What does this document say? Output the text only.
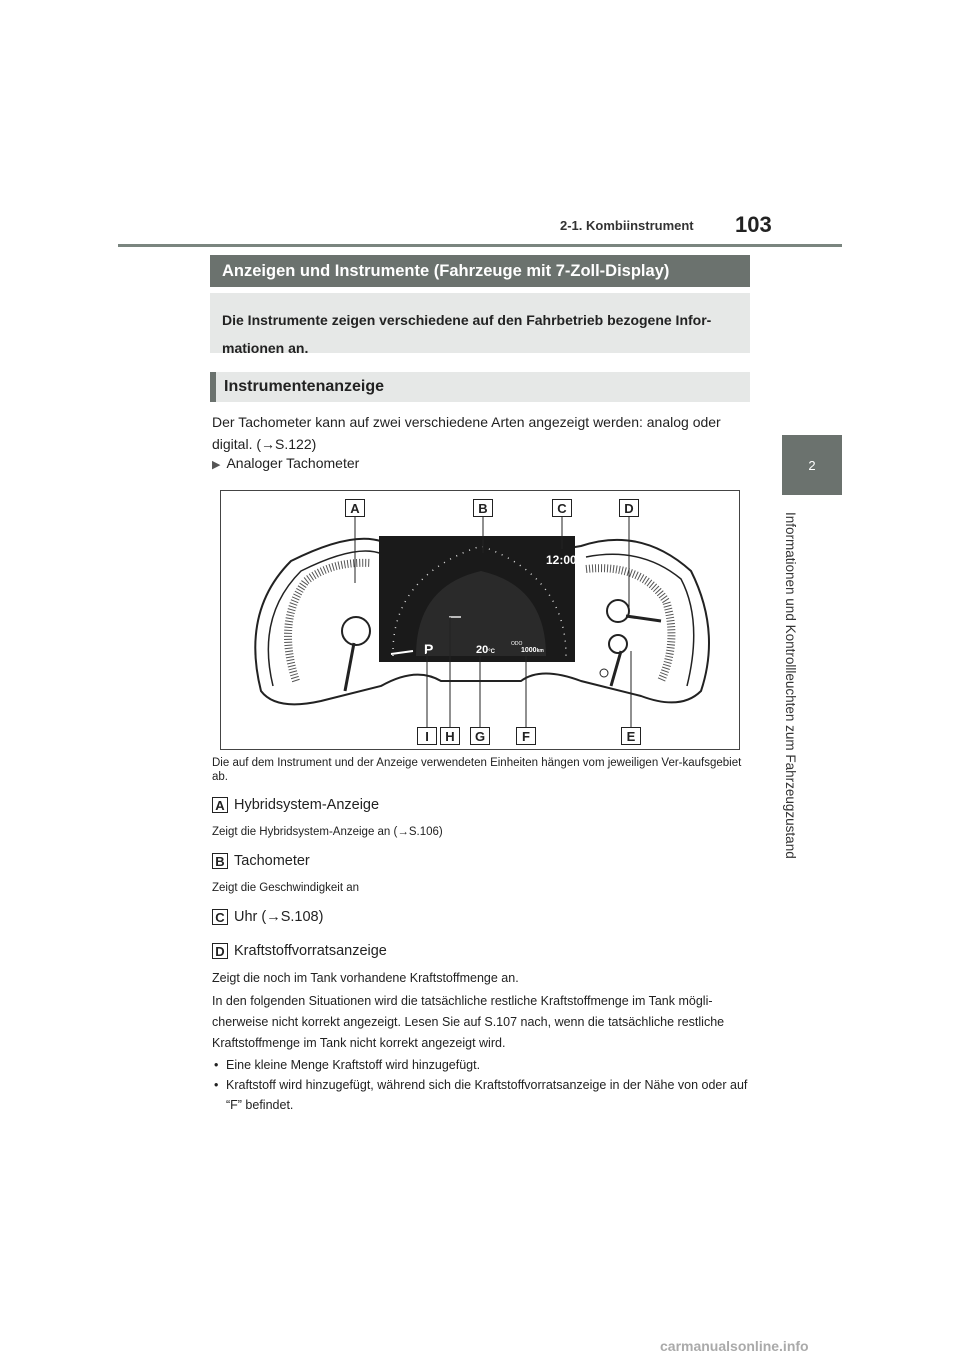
2-1. Kombiinstrument 103
2
Informationen und Kontrollleuchten zum Fahrzeugzustand
Anzeigen und Instrumente (Fahrzeuge mit 7-Zoll-Display)
Die Instrumente zeigen verschiedene auf den Fahrbetrieb bezogene Infor-mationen an.
Instrumentenanzeige
Der Tachometer kann auf zwei verschiedene Arten angezeigt werden: analog oder digital. (→S.122)
▶ Analoger Tachometer
12:00
P	20°C
ODO
1000km
A	B	C	D
I	H	G	F	E
Die auf dem Instrument und der Anzeige verwendeten Einheiten hängen vom jeweiligen Ver-kaufsgebiet ab.
A Hybridsystem-Anzeige
Zeigt die Hybridsystem-Anzeige an (→S.106)
B Tachometer
Zeigt die Geschwindigkeit an
C Uhr (→S.108)
D Kraftstoffvorratsanzeige
Zeigt die noch im Tank vorhandene Kraftstoffmenge an.
In den folgenden Situationen wird die tatsächliche restliche Kraftstoffmenge im Tank mögli-
cherweise nicht korrekt angezeigt. Lesen Sie auf S.107 nach, wenn die tatsächliche restliche
Kraftstoffmenge im Tank nicht korrekt angezeigt wird.
• Eine kleine Menge Kraftstoff wird hinzugefügt.
• Kraftstoff wird hinzugefügt, während sich die Kraftstoffvorratsanzeige in der Nähe von oder auf “F” befindet.
carmanualsonline.info
